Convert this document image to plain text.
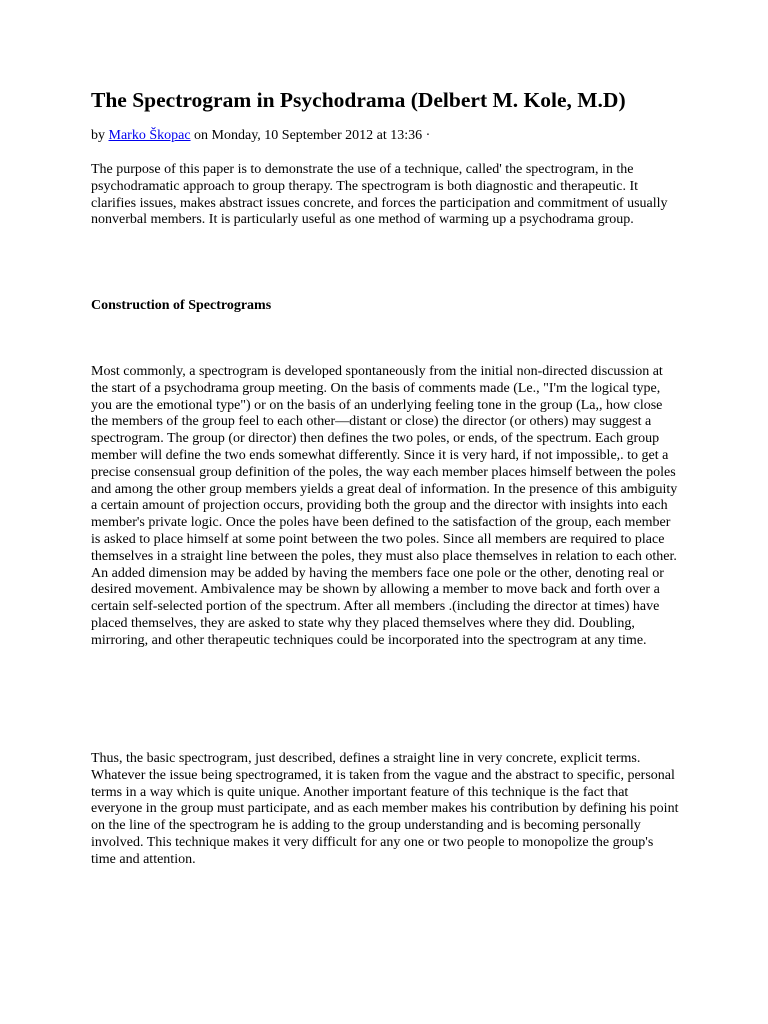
The Spectrogram in Psychodrama (Delbert M. Kole, M.D)

by Marko Škopac on Monday, 10 September 2012 at 13:36 ·

The purpose of this paper is to demonstrate the use of a technique, called' the spectrogram, in the psychodramatic approach to group therapy. The spectrogram is both diagnostic and therapeutic. It clarifies issues, makes abstract issues concrete, and forces the participation and commitment of usually nonverbal members. It is particularly useful as one method of warming up a psychodrama group.

Construction of Spectrograms

Most commonly, a spectrogram is developed spontaneously from the initial non-directed discussion at the start of a psychodrama group meeting. On the basis of comments made (Le., "I'm the logical type, you are the emotional type") or on the basis of an underlying feeling tone in the group (La,, how close the members of the group feel to each other—distant or close) the director (or others) may suggest a spectrogram. The group (or director) then defines the two poles, or ends, of the spectrum. Each group member will define the two ends somewhat differently. Since it is very hard, if not impossible,. to get a precise consensual group definition of the poles, the way each member places himself between the poles and among the other group members yields a great deal of information. In the presence of this ambiguity a certain amount of projection occurs, providing both the group and the director with insights into each member's private logic. Once the poles have been defined to the satisfaction of the group, each member is asked to place himself at some point between the two poles. Since all members are required to place themselves in a straight line between the poles, they must also place themselves in relation to each other. An added dimension may be added by having the members face one pole or the other, denoting real or desired movement. Ambivalence may be shown by allowing a member to move back and forth over a certain self-selected portion of the spectrum. After all members .(including the director at times) have placed themselves, they are asked to state why they placed themselves where they did. Doubling, mirroring, and other therapeutic techniques could be incorporated into the spectrogram at any time.

Thus, the basic spectrogram, just described, defines a straight line in very concrete, explicit terms. Whatever the issue being spectrogramed, it is taken from the vague and the abstract to specific, personal terms in a way which is quite unique. Another important feature of this technique is the fact that everyone in the group must participate, and as each member makes his contribution by defining his point on the line of the spectrogram he is adding to the group understanding and is becoming personally involved. This technique makes it very difficult for any one or two people to monopolize the group's time and attention.
